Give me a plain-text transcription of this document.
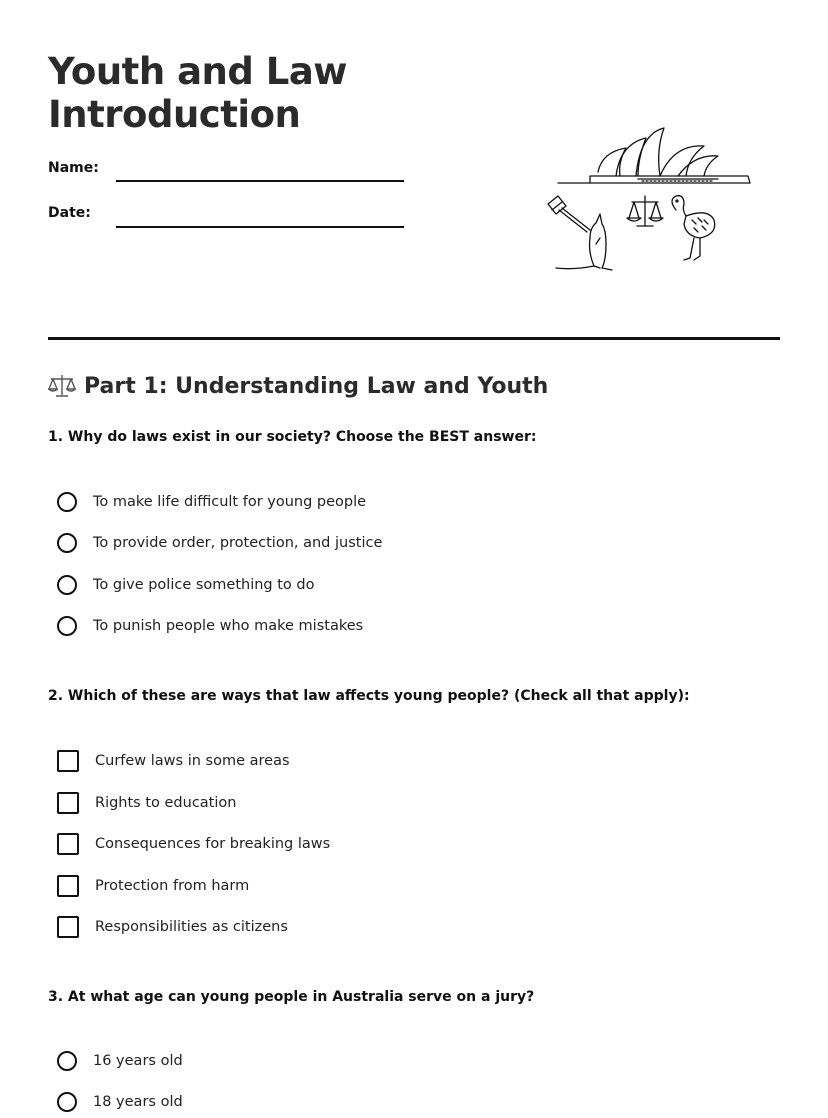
Youth and Law
Introduction
Name:
Date:
Part 1: Understanding Law and Youth
1. Why do laws exist in our society? Choose the BEST answer:
To make life difficult for young people
To provide order, protection, and justice
To give police something to do
To punish people who make mistakes
2. Which of these are ways that law affects young people? (Check all that apply):
Curfew laws in some areas
Rights to education
Consequences for breaking laws
Protection from harm
Responsibilities as citizens
3. At what age can young people in Australia serve on a jury?
16 years old
18 years old
